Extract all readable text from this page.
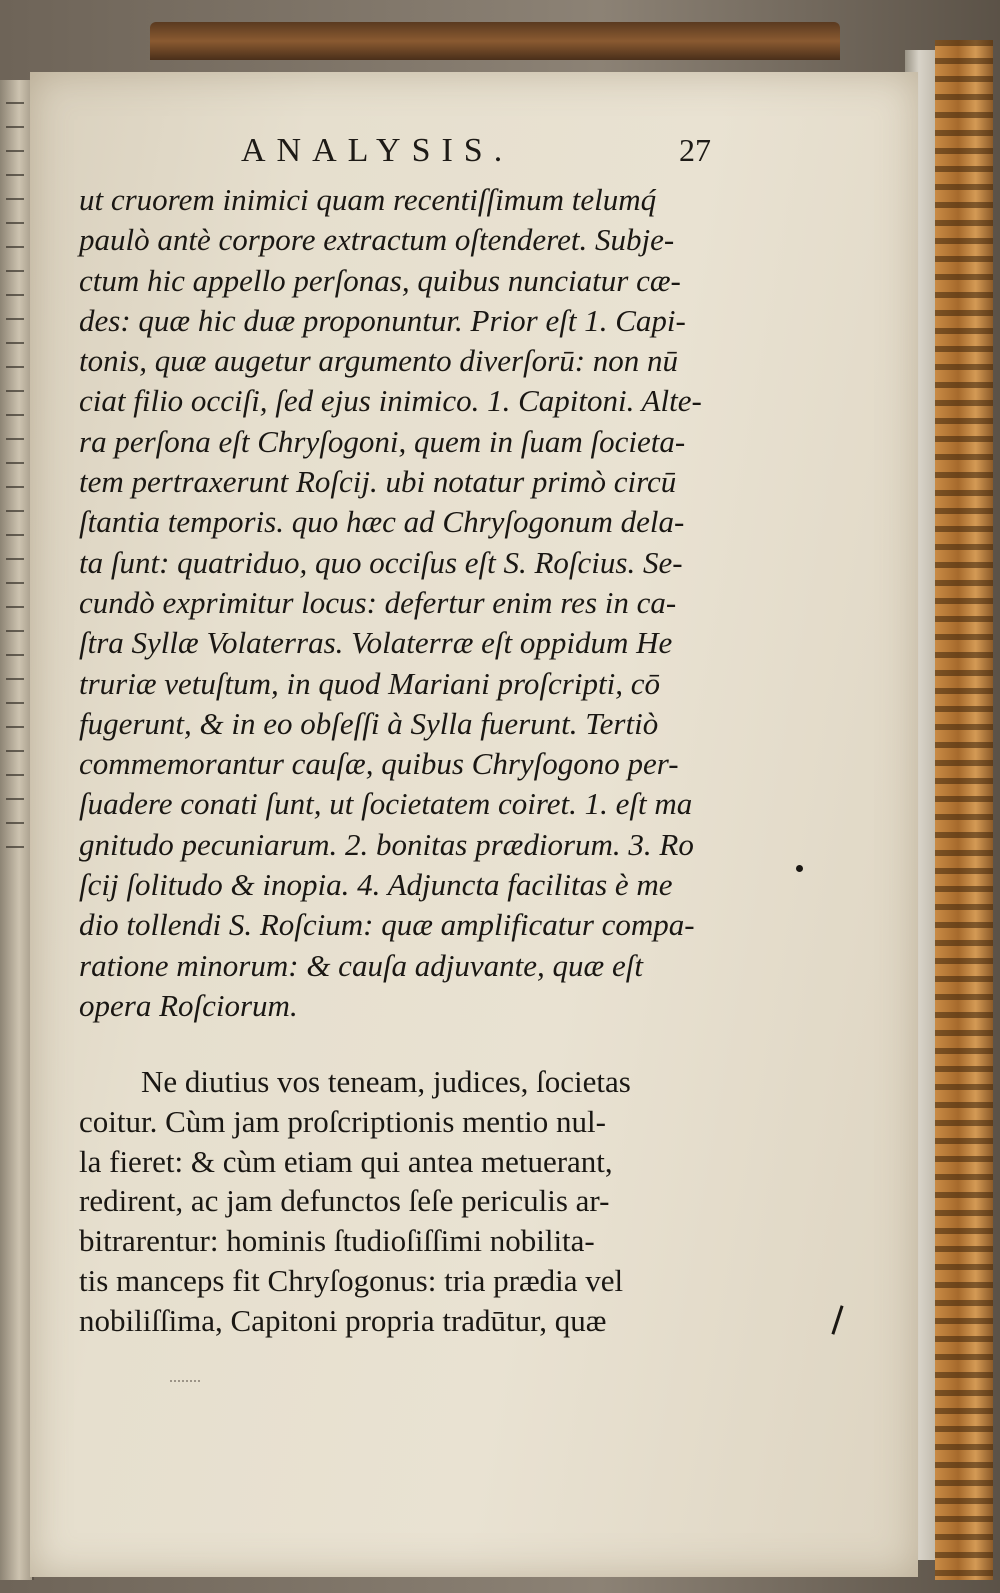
ANALYSIS.	27
ut cruorem inimici quam recentiſſimum telumq́
paulò antè corpore extractum oſtenderet. Subje-
ctum hic appello perſonas, quibus nunciatur cæ-
des: quæ hic duæ proponuntur. Prior eſt 1. Capi-
tonis, quæ augetur argumento diverſorū: non nū
ciat filio occiſi, ſed ejus inimico. 1. Capitoni. Alte-
ra perſona eſt Chryſogoni, quem in ſuam ſocieta-
tem pertraxerunt Roſcij. ubi notatur primò circū
ſtantia temporis. quo hæc ad Chryſogonum dela-
ta ſunt: quatriduo, quo occiſus eſt S. Roſcius. Se-
cundò exprimitur locus: defertur enim res in ca-
ſtra Syllæ Volaterras. Volaterræ eſt oppidum He
truriæ vetuſtum, in quod Mariani proſcripti, cō
fugerunt, & in eo obſeſſi à Sylla fuerunt. Tertiò
commemorantur cauſæ, quibus Chryſogono per-
ſuadere conati ſunt, ut ſocietatem coiret. 1. eſt ma
gnitudo pecuniarum. 2. bonitas prædiorum. 3. Ro
ſcij ſolitudo & inopia. 4. Adjuncta facilitas è me
dio tollendi S. Roſcium: quæ amplificatur compa-
ratione minorum: & cauſa adjuvante, quæ eſt
opera Roſciorum.
Ne diutius vos teneam, judices, ſocietas
coitur. Cùm jam proſcriptionis mentio nul-
la fieret: & cùm etiam qui antea metuerant,
redirent, ac jam defunctos ſeſe periculis ar-
bitrarentur: hominis ſtudioſiſſimi nobilita-
tis manceps fit Chryſogonus: tria prædia vel
nobiliſſima, Capitoni propria tradūtur, quæ
